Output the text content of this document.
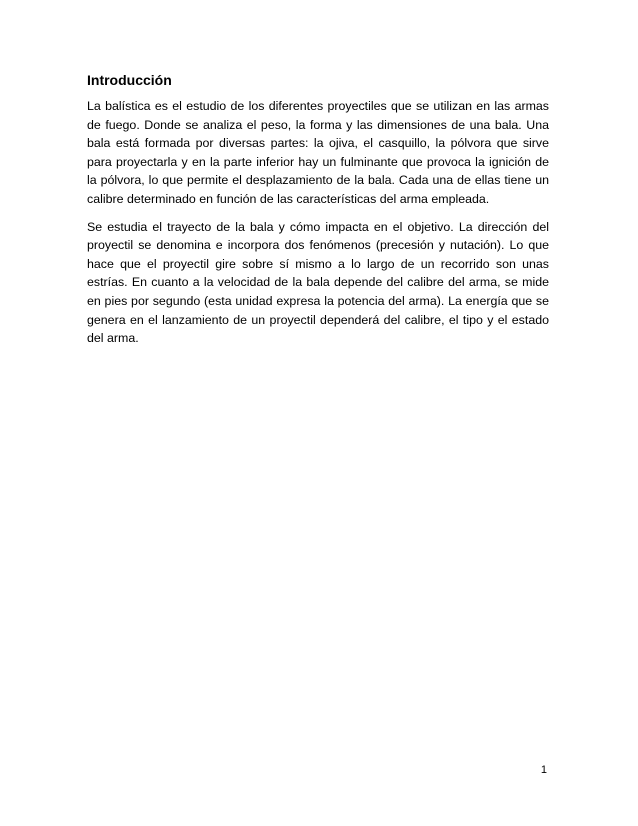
Introducción

La balística es el estudio de los diferentes proyectiles que se utilizan en las armas de fuego. Donde se analiza el peso, la forma y las dimensiones de una bala. Una bala está formada por diversas partes: la ojiva, el casquillo, la pólvora que sirve para proyectarla y en la parte inferior hay un fulminante que provoca la ignición de la pólvora, lo que permite el desplazamiento de la bala. Cada una de ellas tiene un calibre determinado en función de las características del arma empleada.

Se estudia el trayecto de la bala y cómo impacta en el objetivo. La dirección del proyectil se denomina e incorpora dos fenómenos (precesión y nutación). Lo que hace que el proyectil gire sobre sí mismo a lo largo de un recorrido son unas estrías. En cuanto a la velocidad de la bala depende del calibre del arma, se mide en pies por segundo (esta unidad expresa la potencia del arma). La energía que se genera en el lanzamiento de un proyectil dependerá del calibre, el tipo y el estado del arma.

1
